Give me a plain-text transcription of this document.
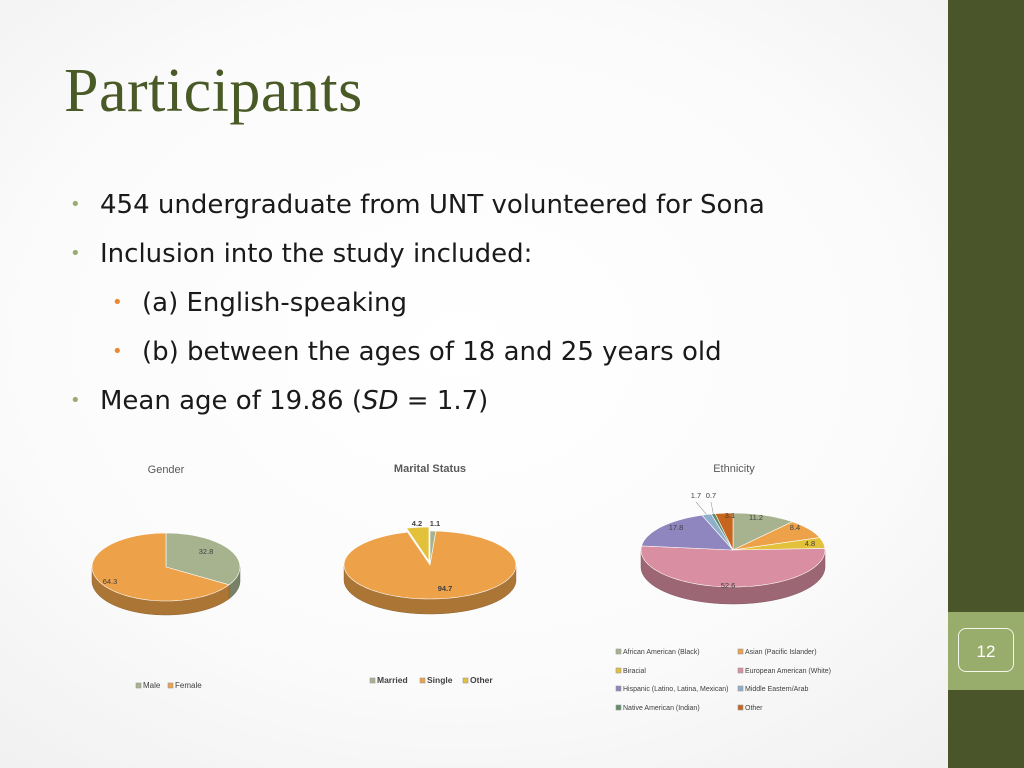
12
Participants
• 454 undergraduate from UNT volunteered for Sona
• Inclusion into the study included:
• (a) English-speaking
• (b) between the ages of 18 and 25 years old
• Mean age of 19.86 (SD = 1.7)
Gender
32.8
64.3
Male Female
Marital Status
1.1
94.7
4.2
Married Single Other
Ethnicity
11.2
8.4
4.8
52.6
17.8
1.7 0.7
3.1
African American (Black)	Asian (Pacific Islander)
Biracial	European American (White)
Hispanic (Latino, Latina, Mexican) Middle Eastern/Arab
Native American (Indian)	Other
